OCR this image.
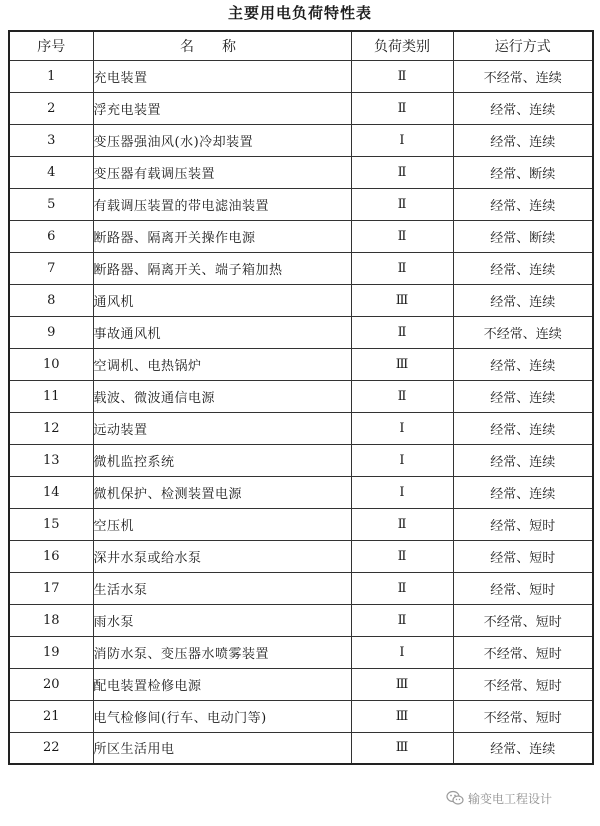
主要用电负荷特性表
序号	名称	负荷类别	运行方式
1	充电装置	Ⅱ	不经常、连续
2	浮充电装置	Ⅱ	经常、连续
3	变压器强油风(水)冷却装置	Ⅰ	经常、连续
4	变压器有载调压装置	Ⅱ	经常、断续
5	有载调压装置的带电滤油装置	Ⅱ	经常、连续
6	断路器、隔离开关操作电源	Ⅱ	经常、断续
7	断路器、隔离开关、端子箱加热	Ⅱ	经常、连续
8	通风机	Ⅲ	经常、连续
9	事故通风机	Ⅱ	不经常、连续
10	空调机、电热锅炉	Ⅲ	经常、连续
11	载波、微波通信电源	Ⅱ	经常、连续
12	远动装置	Ⅰ	经常、连续
13	微机监控系统	Ⅰ	经常、连续
14	微机保护、检测装置电源	Ⅰ	经常、连续
15	空压机	Ⅱ	经常、短时
16	深井水泵或给水泵	Ⅱ	经常、短时
17	生活水泵	Ⅱ	经常、短时
18	雨水泵	Ⅱ	不经常、短时
19	消防水泵、变压器水喷雾装置	Ⅰ	不经常、短时
20	配电装置检修电源	Ⅲ	不经常、短时
21	电气检修间(行车、电动门等)	Ⅲ	不经常、短时
22	所区生活用电	Ⅲ	经常、连续
输变电工程设计
